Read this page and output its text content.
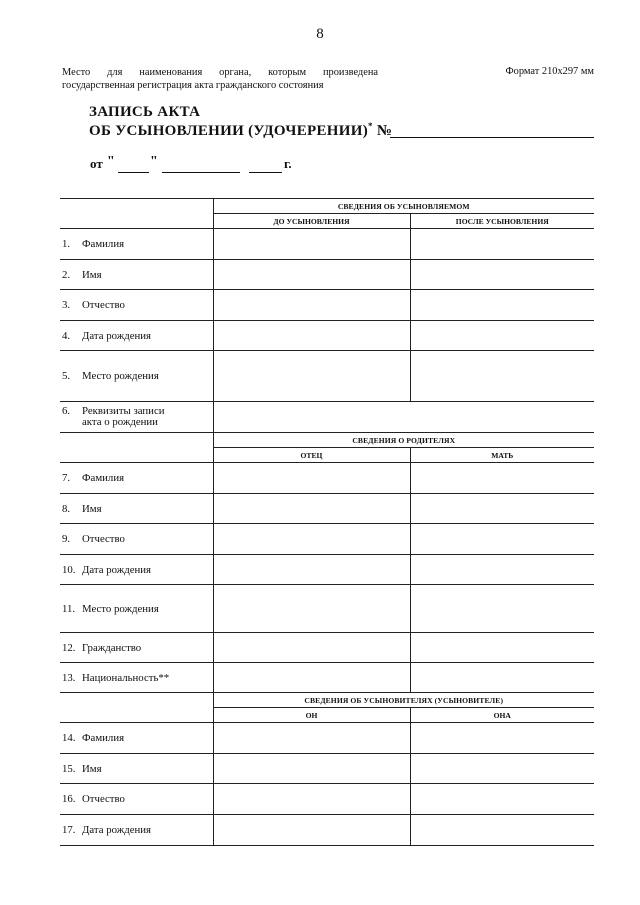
8
Место для наименования органа, которым произведена
государственная регистрация акта гражданского состояния
Формат 210х297 мм
ЗАПИСЬ АКТА
ОБ УСЫНОВЛЕНИИ (УДОЧЕРЕНИИ)* №
от "	"	г.
	СВЕДЕНИЯ ОБ УСЫНОВЛЯЕМОМ	
	ДО УСЫНОВЛЕНИЯ	ПОСЛЕ УСЫНОВЛЕНИЯ
1. Фамилия		
2. Имя		
3. Отчество		
4. Дата рождения		
5. Место рождения		

6. Реквизиты записи
акта о рождении		

	СВЕДЕНИЯ О РОДИТЕЛЯХ	
	ОТЕЦ	МАТЬ
7. Фамилия		
8. Имя		
9. Отчество		
10. Дата рождения		
11. Место рождения		
12. Гражданство		
13. Национальность**		
	СВЕДЕНИЯ ОБ УСЫНОВИТЕЛЯХ (УСЫНОВИТЕЛЕ)	
	ОН	ОНА
14. Фамилия		
15. Имя		
16. Отчество		
17. Дата рождения		
